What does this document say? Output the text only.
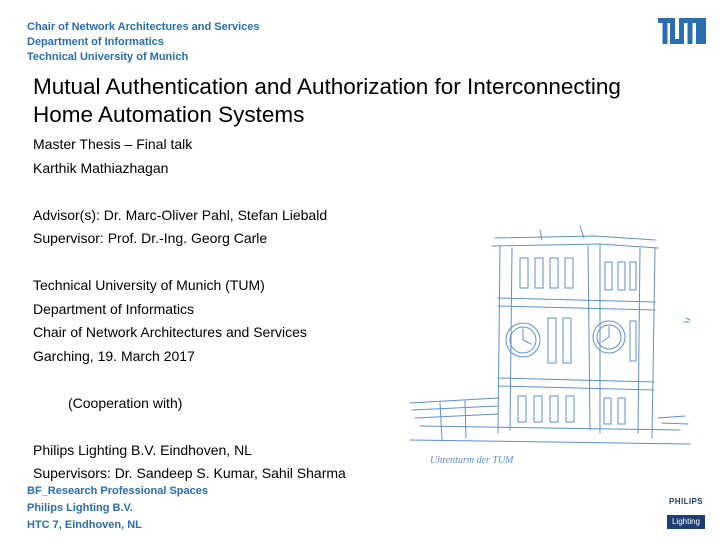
Chair of Network Architectures and Services
Department of Informatics
Technical University of Munich
Mutual Authentication and Authorization for Interconnecting Home Automation Systems
Master Thesis – Final talk
Karthik Mathiazhagan
Advisor(s): Dr. Marc-Oliver Pahl, Stefan Liebald
Supervisor: Prof. Dr.-Ing. Georg Carle
Technical University of Munich (TUM)
Department of Informatics
Chair of Network Architectures and Services
Garching, 19. March 2017
(Cooperation with)
Philips Lighting B.V. Eindhoven, NL
Supervisors: Dr. Sandeep S. Kumar, Sahil Sharma
Uhrenturm der TUM
BF_Research Professional Spaces
Philips Lighting B.V.
HTC 7, Eindhoven, NL
PHILIPS
Lighting
